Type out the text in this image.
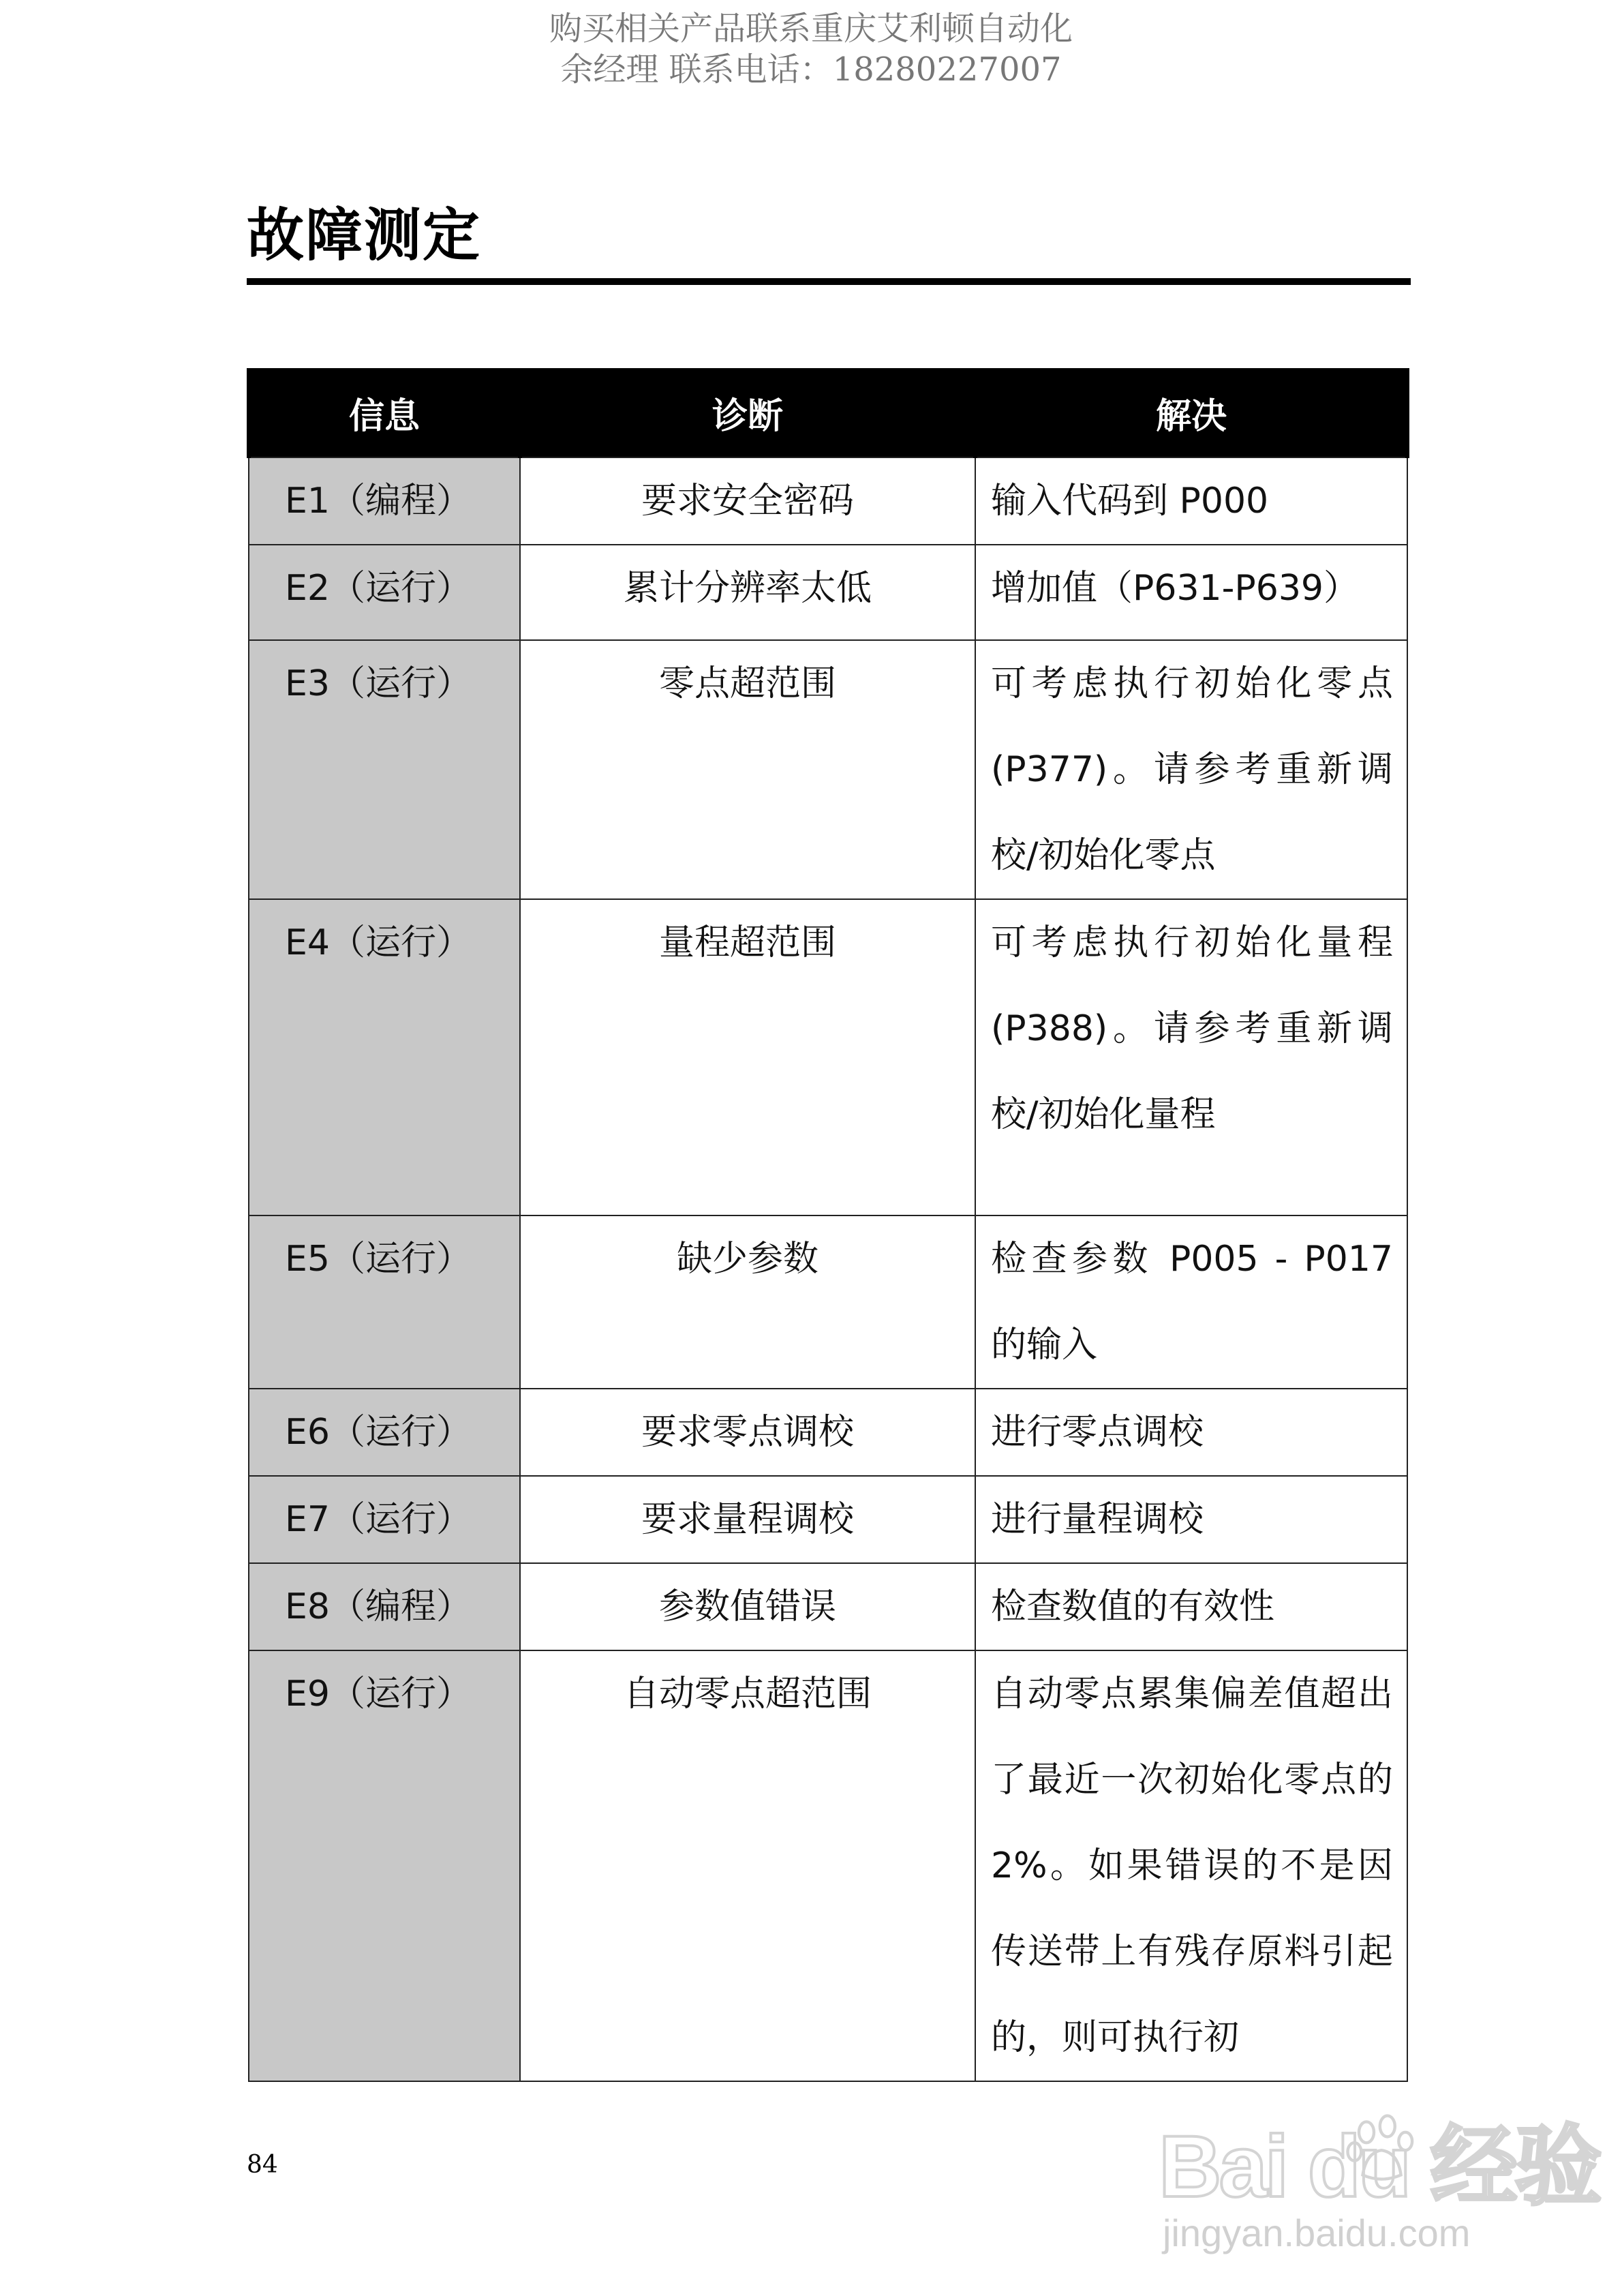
购买相关产品联系重庆艾利顿自动化
余经理 联系电话：18280227007
故障测定
信息	诊断	解决
E1（编程）	要求安全密码	输入代码到 P000
E2（运行）	累计分辨率太低	增加值（P631-P639）
E3（运行）	零点超范围	可考虑执行初始化零点(P377)。请参考重新调校/初始化零点
E4（运行）	量程超范围	可考虑执行初始化量程(P388)。请参考重新调校/初始化量程
E5（运行）	缺少参数	检查参数 P005 - P017 的输入
E6（运行）	要求零点调校	进行零点调校
E7（运行）	要求量程调校	进行量程调校
E8（编程）	参数值错误	检查数值的有效性
E9（运行）	自动零点超范围	自动零点累集偏差值超出了最近一次初始化零点的 2%。如果错误的不是因传送带上有残存原料引起的，则可执行初
84	Bai du 经验
jingyan.baidu.com
